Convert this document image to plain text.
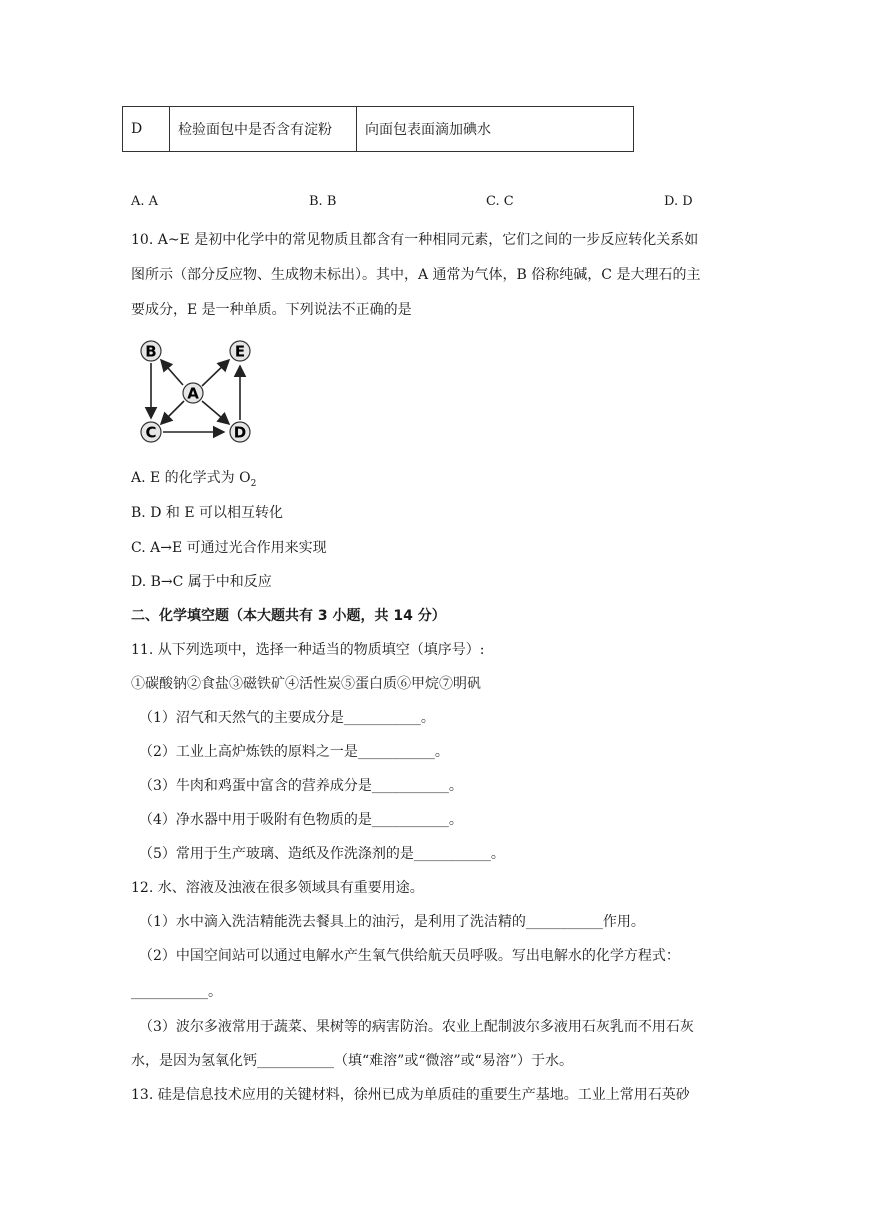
D	检验面包中是否含有淀粉	向面包表面滴加碘水
A. A	B. B	C. C	D. D
10. A~E 是初中化学中的常见物质且都含有一种相同元素，它们之间的一步反应转化关系如
图所示（部分反应物、生成物未标出）。其中，A 通常为气体，B 俗称纯碱，C 是大理石的主
要成分，E 是一种单质。下列说法不正确的是
B	E
A
C	D
A. E 的化学式为 $O_2$
B. D 和 E 可以相互转化
C. A→E 可通过光合作用来实现
D. B→C 属于中和反应
二、化学填空题（本大题共有 3 小题，共 14 分）
11. 从下列选项中，选择一种适当的物质填空（填序号）:
①碳酸钠②食盐③磁铁矿④活性炭⑤蛋白质⑥甲烷⑦明矾
（1）沼气和天然气的主要成分是___________。
（2）工业上高炉炼铁的原料之一是___________。
（3）牛肉和鸡蛋中富含的营养成分是___________。
（4）净水器中用于吸附有色物质的是___________。
（5）常用于生产玻璃、造纸及作洗涤剂的是___________。
12. 水、溶液及浊液在很多领域具有重要用途。
（1）水中滴入洗洁精能洗去餐具上的油污，是利用了洗洁精的___________作用。
（2）中国空间站可以通过电解水产生氧气供给航天员呼吸。写出电解水的化学方程式：
___________。
（3）波尔多液常用于蔬菜、果树等的病害防治。农业上配制波尔多液用石灰乳而不用石灰
水，是因为氢氧化钙___________（填“难溶”或“微溶”或“易溶”）于水。
13. 硅是信息技术应用的关键材料，徐州已成为单质硅的重要生产基地。工业上常用石英砂
